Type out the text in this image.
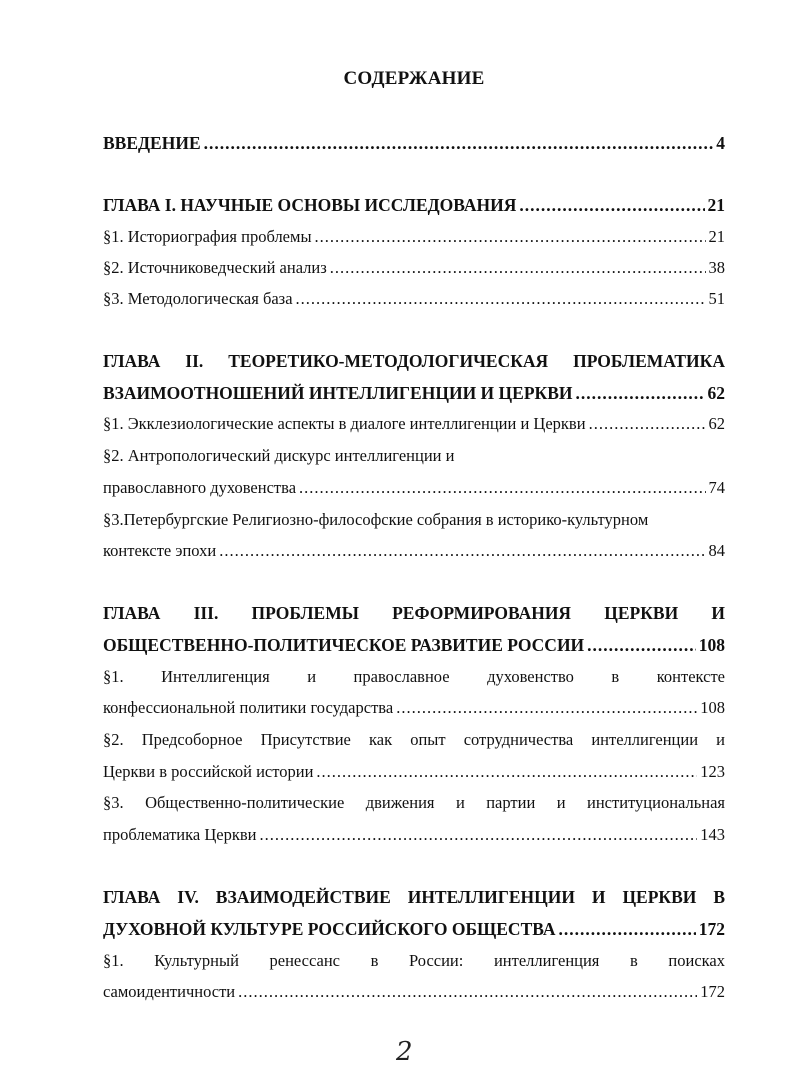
СОДЕРЖАНИЕ
ВВЕДЕНИЕ .....	4
ГЛАВА I. НАУЧНЫЕ ОСНОВЫ ИССЛЕДОВАНИЯ .....	21
§1. Историография проблемы .....	21
§2. Источниковедческий анализ .....	38
§3. Методологическая база .....	51
ГЛАВА II. ТЕОРЕТИКО-МЕТОДОЛОГИЧЕСКАЯ ПРОБЛЕМАТИКА
ВЗАИМООТНОШЕНИЙ ИНТЕЛЛИГЕНЦИИ И ЦЕРКВИ .....	62
§1. Экклезиологические аспекты в диалоге интеллигенции и Церкви .....	62
§2. Антропологический дискурс интеллигенции и
православного духовенства .....	74
§3.Петербургские Религиозно-философские собрания в историко-культурном
контексте эпохи .....	84
ГЛАВА III. ПРОБЛЕМЫ РЕФОРМИРОВАНИЯ ЦЕРКВИ И
ОБЩЕСТВЕННО-ПОЛИТИЧЕСКОЕ РАЗВИТИЕ РОССИИ .....	108
§1. Интеллигенция и православное духовенство в контексте
конфессиональной политики государства .....	108
§2. Предсоборное Присутствие как опыт сотрудничества интеллигенции и
Церкви в российской истории .....	123
§3. Общественно-политические движения и партии и институциональная
проблематика Церкви .....	143
ГЛАВА IV. ВЗАИМОДЕЙСТВИЕ ИНТЕЛЛИГЕНЦИИ И ЦЕРКВИ В
ДУХОВНОЙ КУЛЬТУРЕ РОССИЙСКОГО ОБЩЕСТВА .....	172
§1. Культурный ренессанс в России: интеллигенция в поисках
самоидентичности .....	172
2
